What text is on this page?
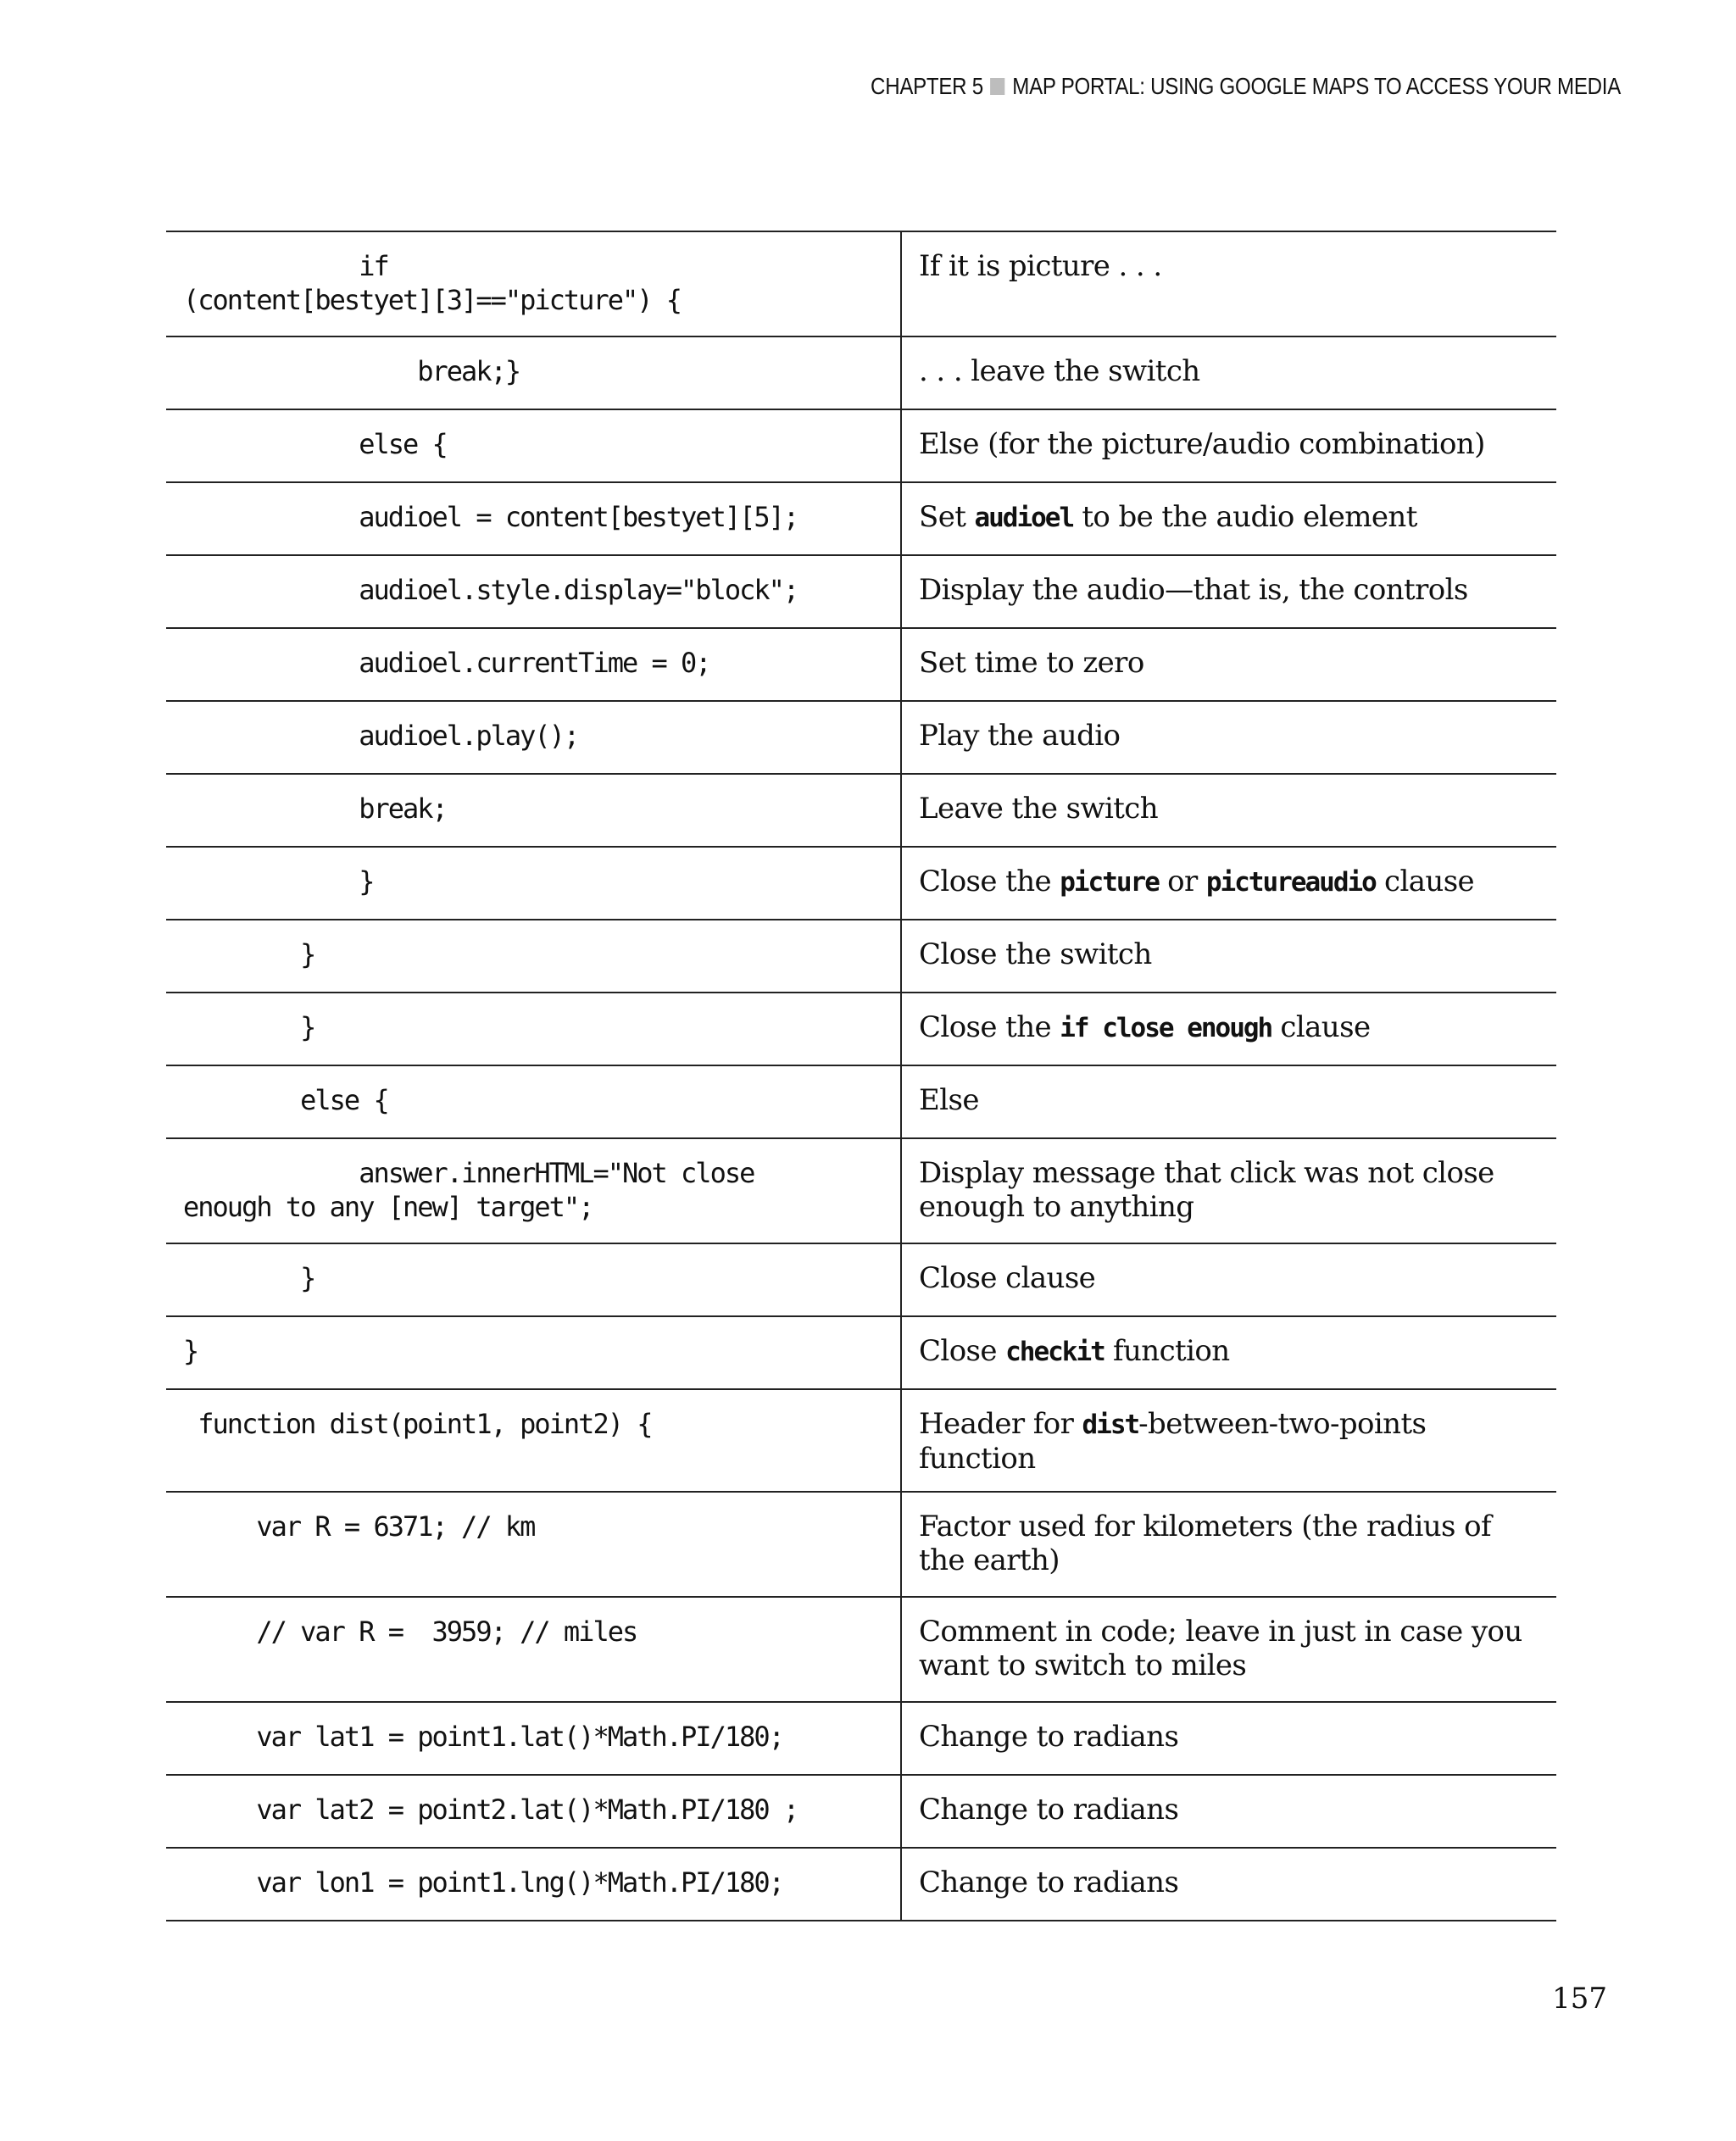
CHAPTER 5 MAP PORTAL: USING GOOGLE MAPS TO ACCESS YOUR MEDIA
if
(content[bestyet][3]=="picture") {	If it is picture . . .
break;}	. . . leave the switch
else {	Else (for the picture/audio combination)
audioel = content[bestyet][5];	Set audioel to be the audio element
audioel.style.display="block";	Display the audio—that is, the controls
audioel.currentTime = 0;	Set time to zero
audioel.play();	Play the audio
break;	Leave the switch
}	Close the picture or pictureaudio clause
}	Close the switch
}	Close the if close enough clause
else {	Else
answer.innerHTML="Not close
enough to any [new] target";	Display message that click was not close enough to anything
}	Close clause
}	Close checkit function
function dist(point1, point2) {	Header for dist-between-two-points function
var R = 6371; // km	Factor used for kilometers (the radius of the earth)
// var R =  3959; // miles	Comment in code; leave in just in case you want to switch to miles
var lat1 = point1.lat()*Math.PI/180;	Change to radians
var lat2 = point2.lat()*Math.PI/180 ;	Change to radians
var lon1 = point1.lng()*Math.PI/180;	Change to radians
157
